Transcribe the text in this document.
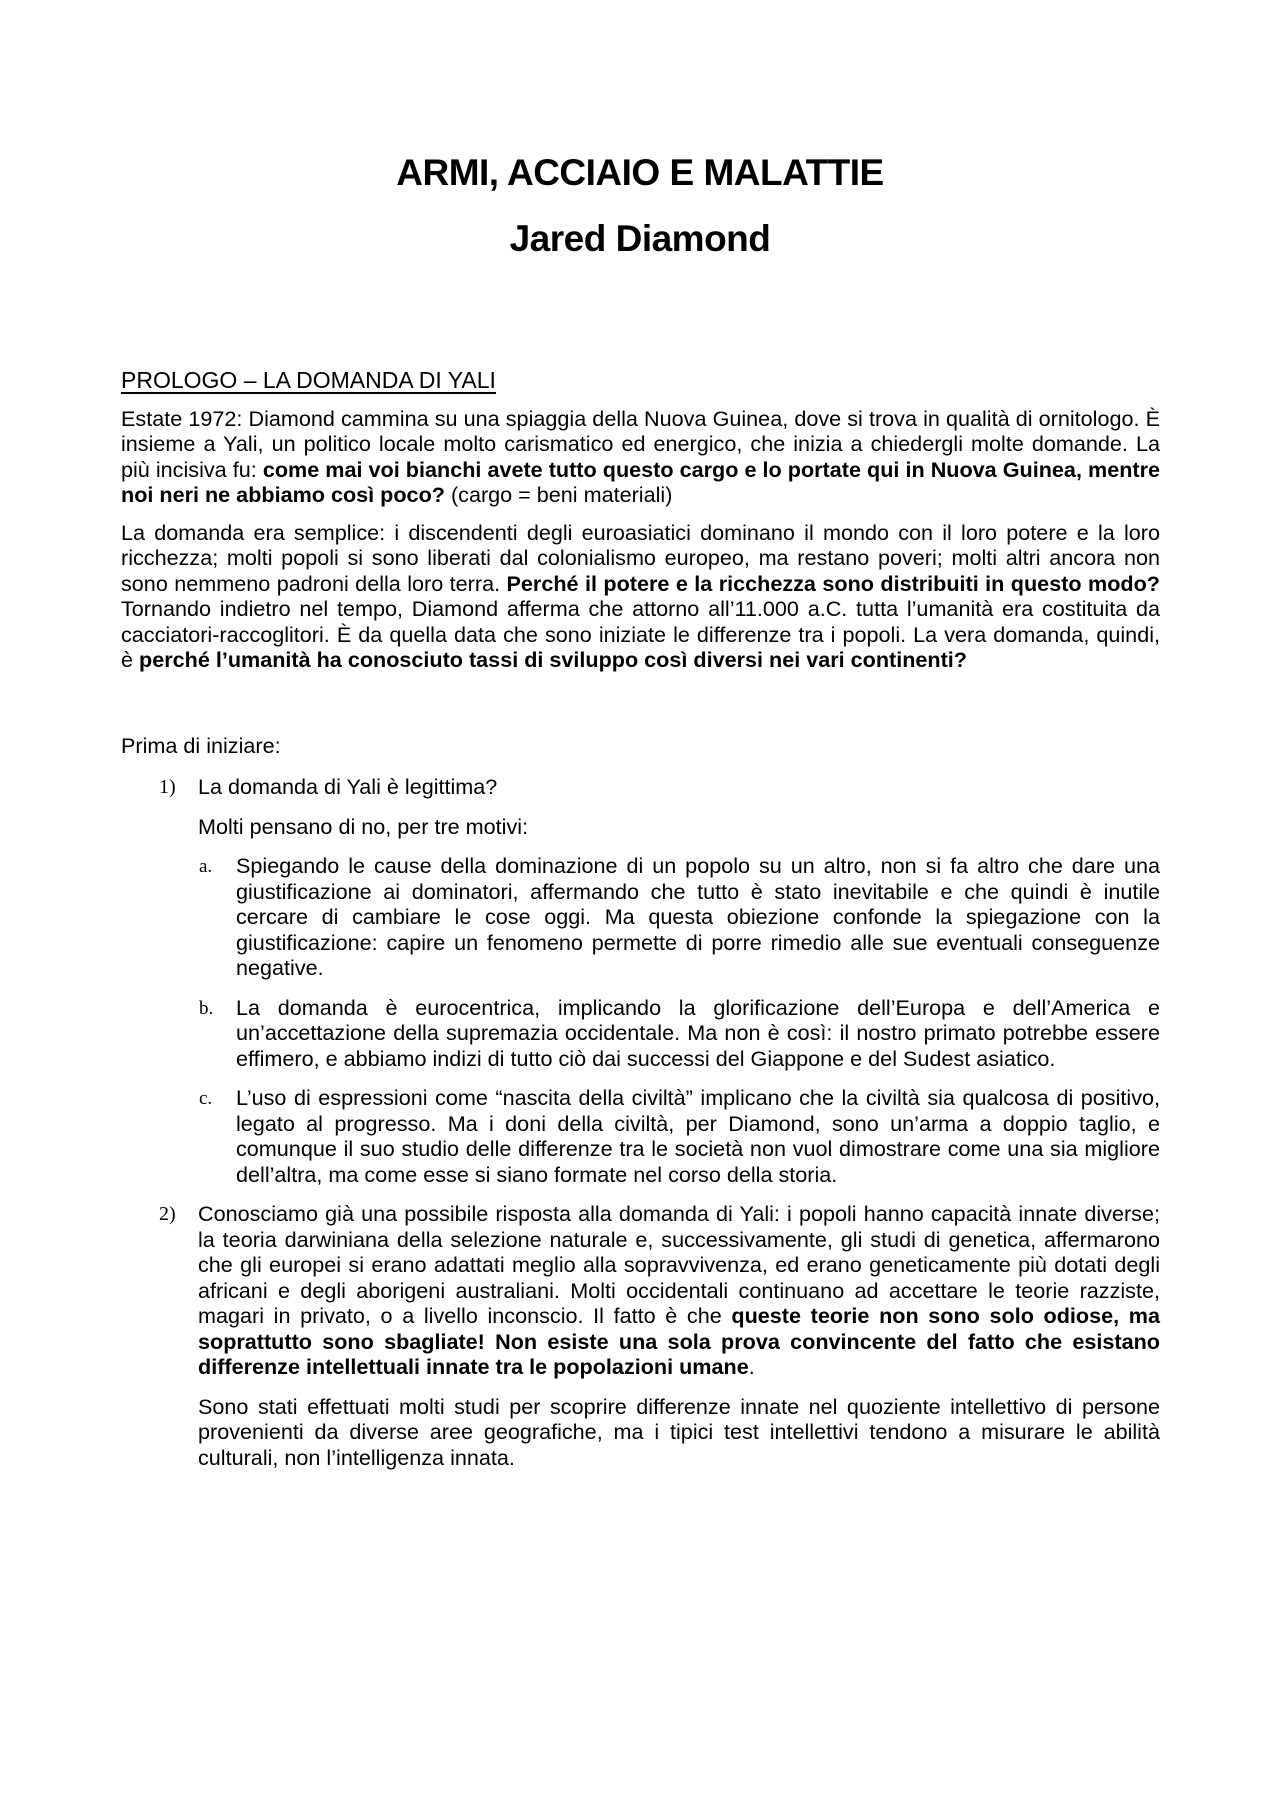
ARMI, ACCIAIO E MALATTIE
Jared Diamond
PROLOGO – LA DOMANDA DI YALI

Estate 1972: Diamond cammina su una spiaggia della Nuova Guinea, dove si trova in qualità di ornitologo. È insieme a Yali, un politico locale molto carismatico ed energico, che inizia a chiedergli molte domande. La più incisiva fu: come mai voi bianchi avete tutto questo cargo e lo portate qui in Nuova Guinea, mentre noi neri ne abbiamo così poco? (cargo = beni materiali)

La domanda era semplice: i discendenti degli euroasiatici dominano il mondo con il loro potere e la loro ricchezza; molti popoli si sono liberati dal colonialismo europeo, ma restano poveri; molti altri ancora non sono nemmeno padroni della loro terra. Perché il potere e la ricchezza sono distribuiti in questo modo? Tornando indietro nel tempo, Diamond afferma che attorno all’11.000 a.C. tutta l’umanità era costituita da cacciatori-raccoglitori. È da quella data che sono iniziate le differenze tra i popoli. La vera domanda, quindi, è perché l’umanità ha conosciuto tassi di sviluppo così diversi nei vari continenti?

Prima di iniziare:

1) La domanda di Yali è legittima?

Molti pensano di no, per tre motivi:

a. Spiegando le cause della dominazione di un popolo su un altro, non si fa altro che dare una giustificazione ai dominatori, affermando che tutto è stato inevitabile e che quindi è inutile cercare di cambiare le cose oggi. Ma questa obiezione confonde la spiegazione con la giustificazione: capire un fenomeno permette di porre rimedio alle sue eventuali conseguenze negative.
b. La domanda è eurocentrica, implicando la glorificazione dell’Europa e dell’America e un’accettazione della supremazia occidentale. Ma non è così: il nostro primato potrebbe essere effimero, e abbiamo indizi di tutto ciò dai successi del Giappone e del Sudest asiatico.
c. L’uso di espressioni come “nascita della civiltà” implicano che la civiltà sia qualcosa di positivo, legato al progresso. Ma i doni della civiltà, per Diamond, sono un’arma a doppio taglio, e comunque il suo studio delle differenze tra le società non vuol dimostrare come una sia migliore dell’altra, ma come esse si siano formate nel corso della storia.
2) Conosciamo già una possibile risposta alla domanda di Yali: i popoli hanno capacità innate diverse; la teoria darwiniana della selezione naturale e, successivamente, gli studi di genetica, affermarono che gli europei si erano adattati meglio alla sopravvivenza, ed erano geneticamente più dotati degli africani e degli aborigeni australiani. Molti occidentali continuano ad accettare le teorie razziste, magari in privato, o a livello inconscio. Il fatto è che queste teorie non sono solo odiose, ma soprattutto sono sbagliate! Non esiste una sola prova convincente del fatto che esistano differenze intellettuali innate tra le popolazioni umane.

Sono stati effettuati molti studi per scoprire differenze innate nel quoziente intellettivo di persone provenienti da diverse aree geografiche, ma i tipici test intellettivi tendono a misurare le abilità culturali, non l’intelligenza innata.
